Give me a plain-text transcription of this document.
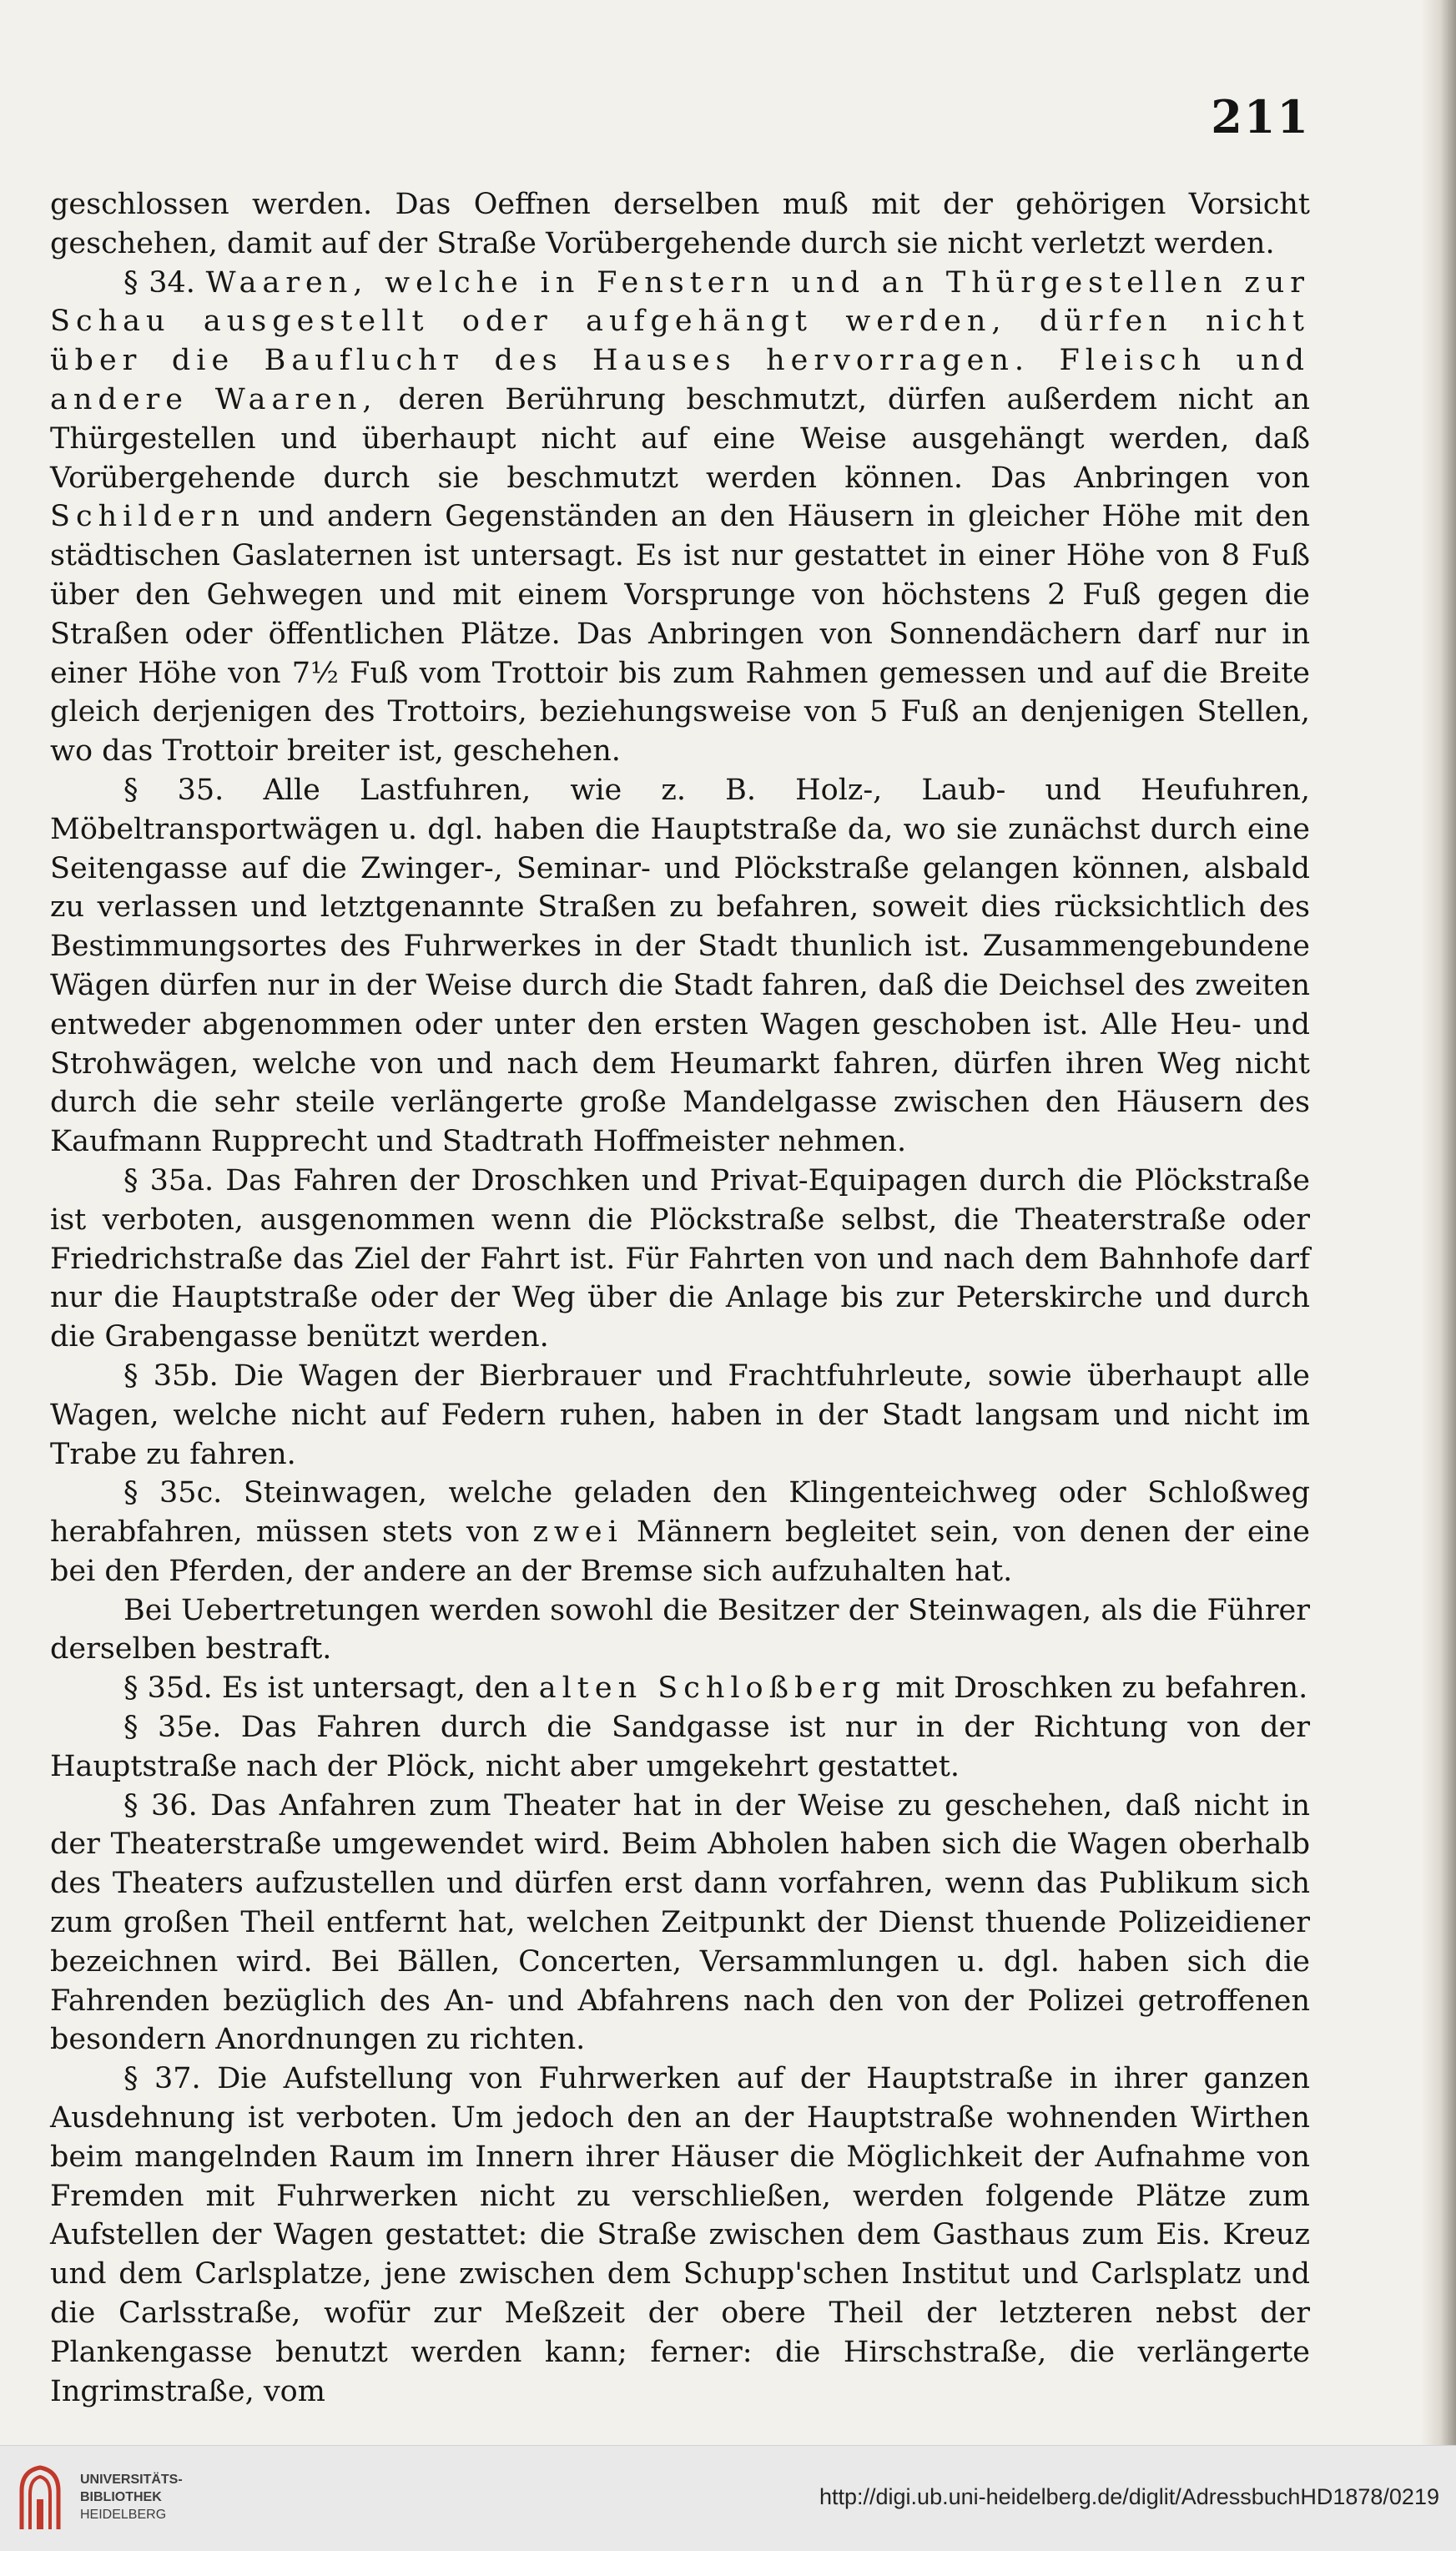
211

geschlossen werden. Das Oeffnen derselben muß mit der gehörigen Vorsicht geschehen, damit auf der Straße Vorübergehende durch sie nicht verletzt werden.

§ 34. Waaren, welche in Fenstern und an Thürgestellen zur Schau ausgestellt oder aufgehängt werden, dürfen nicht über die Baufluchт des Hauses hervorragen. Fleisch und andere Waaren, deren Berührung beschmutzt, dürfen außerdem nicht an Thürgestellen und überhaupt nicht auf eine Weise ausgehängt werden, daß Vorübergehende durch sie beschmutzt werden können. Das Anbringen von Schildern und andern Gegenständen an den Häusern in gleicher Höhe mit den städtischen Gaslaternen ist untersagt. Es ist nur gestattet in einer Höhe von 8 Fuß über den Gehwegen und mit einem Vorsprunge von höchstens 2 Fuß gegen die Straßen oder öffentlichen Plätze. Das Anbringen von Sonnendächern darf nur in einer Höhe von 7½ Fuß vom Trottoir bis zum Rahmen gemessen und auf die Breite gleich derjenigen des Trottoirs, beziehungsweise von 5 Fuß an denjenigen Stellen, wo das Trottoir breiter ist, geschehen.

§ 35. Alle Lastfuhren, wie z. B. Holz-, Laub- und Heufuhren, Möbeltransportwägen u. dgl. haben die Hauptstraße da, wo sie zunächst durch eine Seitengasse auf die Zwinger-, Seminar- und Plöckstraße gelangen können, alsbald zu verlassen und letztgenannte Straßen zu befahren, soweit dies rücksichtlich des Bestimmungsortes des Fuhrwerkes in der Stadt thunlich ist. Zusammengebundene Wägen dürfen nur in der Weise durch die Stadt fahren, daß die Deichsel des zweiten entweder abgenommen oder unter den ersten Wagen geschoben ist. Alle Heu- und Strohwägen, welche von und nach dem Heumarkt fahren, dürfen ihren Weg nicht durch die sehr steile verlängerte große Mandelgasse zwischen den Häusern des Kaufmann Rupprecht und Stadtrath Hoffmeister nehmen.

§ 35a. Das Fahren der Droschken und Privat-Equipagen durch die Plöckstraße ist verboten, ausgenommen wenn die Plöckstraße selbst, die Theaterstraße oder Friedrichstraße das Ziel der Fahrt ist. Für Fahrten von und nach dem Bahnhofe darf nur die Hauptstraße oder der Weg über die Anlage bis zur Peterskirche und durch die Grabengasse benützt werden.

§ 35b. Die Wagen der Bierbrauer und Frachtfuhrleute, sowie überhaupt alle Wagen, welche nicht auf Federn ruhen, haben in der Stadt langsam und nicht im Trabe zu fahren.

§ 35c. Steinwagen, welche geladen den Klingenteichweg oder Schloßweg herabfahren, müssen stets von zwei Männern begleitet sein, von denen der eine bei den Pferden, der andere an der Bremse sich aufzuhalten hat.

Bei Uebertretungen werden sowohl die Besitzer der Steinwagen, als die Führer derselben bestraft.

§ 35d. Es ist untersagt, den alten Schloßberg mit Droschken zu befahren.

§ 35e. Das Fahren durch die Sandgasse ist nur in der Richtung von der Hauptstraße nach der Plöck, nicht aber umgekehrt gestattet.

§ 36. Das Anfahren zum Theater hat in der Weise zu geschehen, daß nicht in der Theaterstraße umgewendet wird. Beim Abholen haben sich die Wagen oberhalb des Theaters aufzustellen und dürfen erst dann vorfahren, wenn das Publikum sich zum großen Theil entfernt hat, welchen Zeitpunkt der Dienst thuende Polizeidiener bezeichnen wird. Bei Bällen, Concerten, Versammlungen u. dgl. haben sich die Fahrenden bezüglich des An- und Abfahrens nach den von der Polizei getroffenen besondern Anordnungen zu richten.

§ 37. Die Aufstellung von Fuhrwerken auf der Hauptstraße in ihrer ganzen Ausdehnung ist verboten. Um jedoch den an der Hauptstraße wohnenden Wirthen beim mangelnden Raum im Innern ihrer Häuser die Möglichkeit der Aufnahme von Fremden mit Fuhrwerken nicht zu verschließen, werden folgende Plätze zum Aufstellen der Wagen gestattet: die Straße zwischen dem Gasthaus zum Eis. Kreuz und dem Carlsplatze, jene zwischen dem Schupp'schen Institut und Carlsplatz und die Carlsstraße, wofür zur Meßzeit der obere Theil der letzteren nebst der Plankengasse benutzt werden kann; ferner: die Hirschstraße, die verlängerte Ingrimstraße, vom

UNIVERSITÄTS-
BIBLIOTHEK
HEIDELBERG
http://digi.ub.uni-heidelberg.de/diglit/AdressbuchHD1878/0219
